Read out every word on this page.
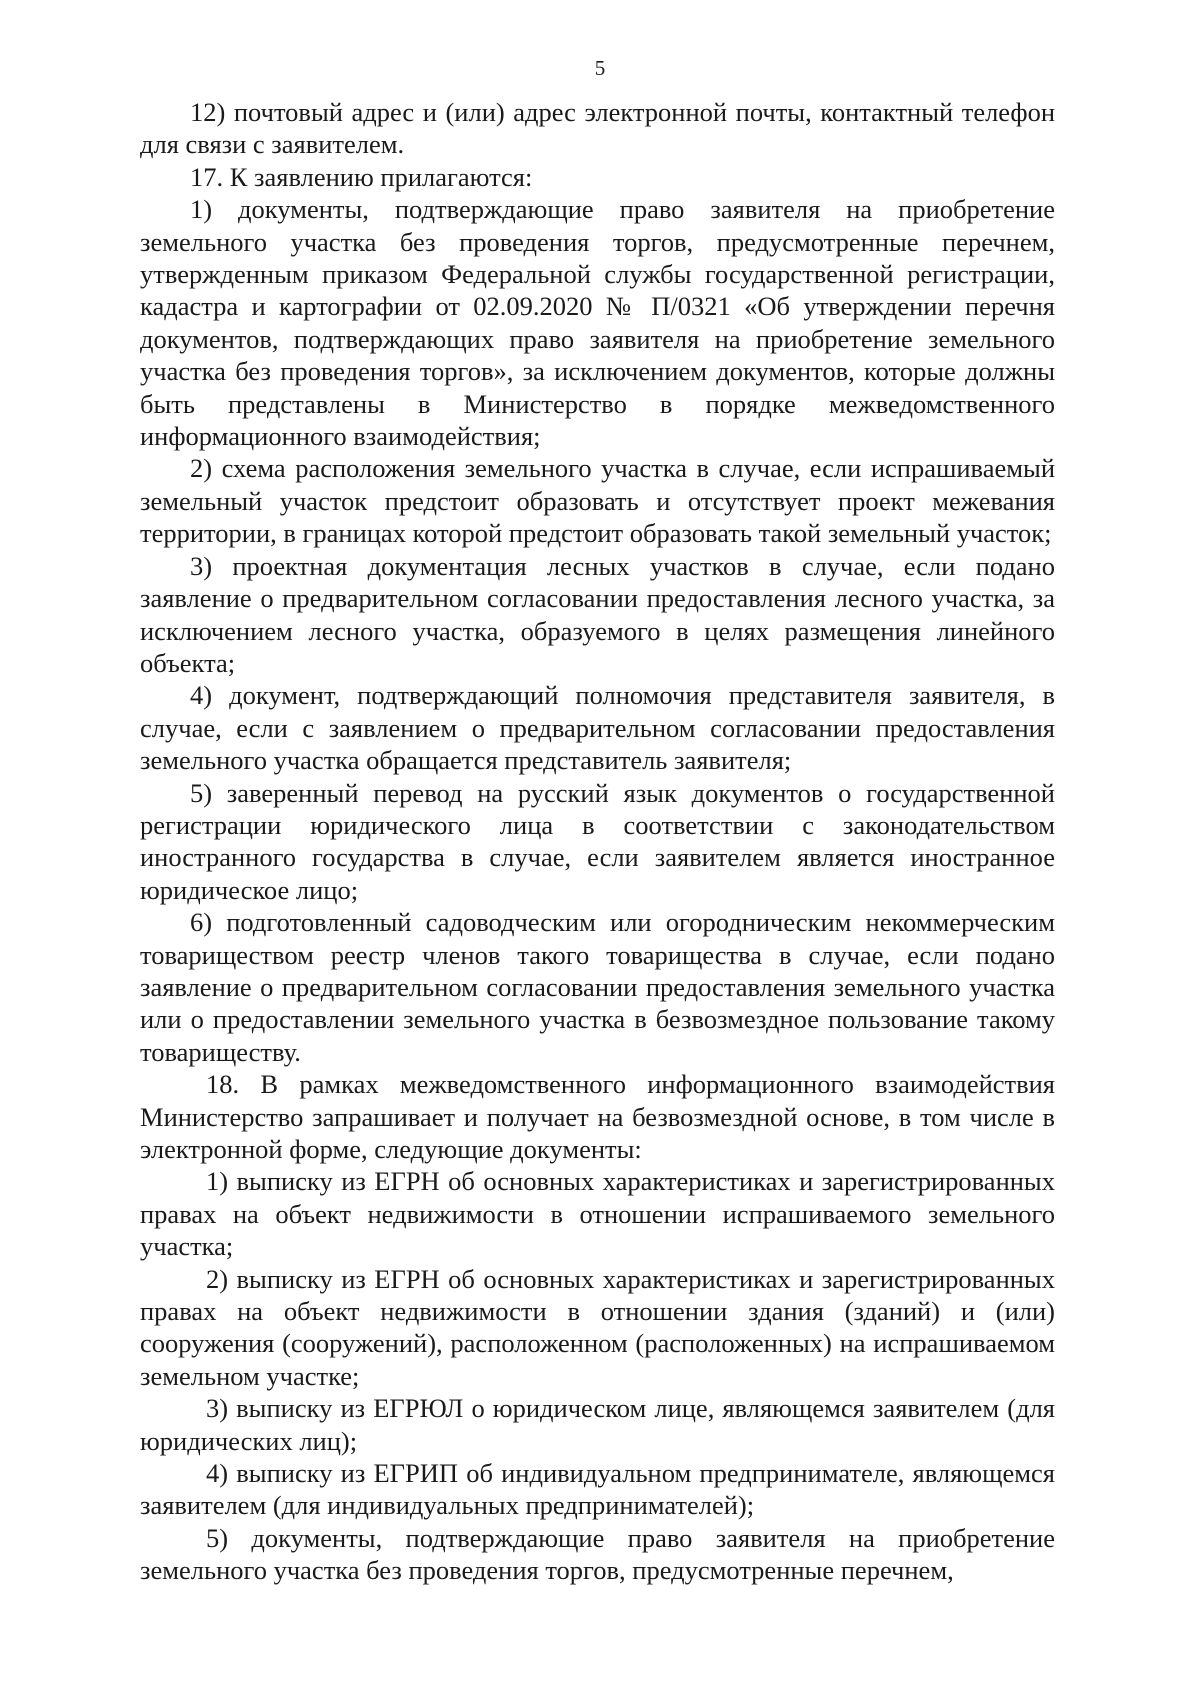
5

12) почтовый адрес и (или) адрес электронной почты, контактный телефон для связи с заявителем.

17. К заявлению прилагаются:

1) документы, подтверждающие право заявителя на приобретение земельного участка без проведения торгов, предусмотренные перечнем, утвержденным приказом Федеральной службы государственной регистрации, кадастра и картографии от 02.09.2020 № П/0321 «Об утверждении перечня документов, подтверждающих право заявителя на приобретение земельного участка без проведения торгов», за исключением документов, которые должны быть представлены в Министерство в порядке межведомственного информационного взаимодействия;

2) схема расположения земельного участка в случае, если испрашиваемый земельный участок предстоит образовать и отсутствует проект межевания территории, в границах которой предстоит образовать такой земельный участок;

3) проектная документация лесных участков в случае, если подано заявление о предварительном согласовании предоставления лесного участка, за исключением лесного участка, образуемого в целях размещения линейного объекта;

4) документ, подтверждающий полномочия представителя заявителя, в случае, если с заявлением о предварительном согласовании предоставления земельного участка обращается представитель заявителя;

5) заверенный перевод на русский язык документов о государственной регистрации юридического лица в соответствии с законодательством иностранного государства в случае, если заявителем является иностранное юридическое лицо;

6) подготовленный садоводческим или огородническим некоммерческим товариществом реестр членов такого товарищества в случае, если подано заявление о предварительном согласовании предоставления земельного участка или о предоставлении земельного участка в безвозмездное пользование такому товариществу.

18. В рамках межведомственного информационного взаимодействия Министерство запрашивает и получает на безвозмездной основе, в том числе в электронной форме, следующие документы:

1) выписку из ЕГРН об основных характеристиках и зарегистрированных правах на объект недвижимости в отношении испрашиваемого земельного участка;

2) выписку из ЕГРН об основных характеристиках и зарегистрированных правах на объект недвижимости в отношении здания (зданий) и (или) сооружения (сооружений), расположенном (расположенных) на испрашиваемом земельном участке;

3) выписку из ЕГРЮЛ о юридическом лице, являющемся заявителем (для юридических лиц);

4) выписку из ЕГРИП об индивидуальном предпринимателе, являющемся заявителем (для индивидуальных предпринимателей);

5) документы, подтверждающие право заявителя на приобретение земельного участка без проведения торгов, предусмотренные перечнем,
